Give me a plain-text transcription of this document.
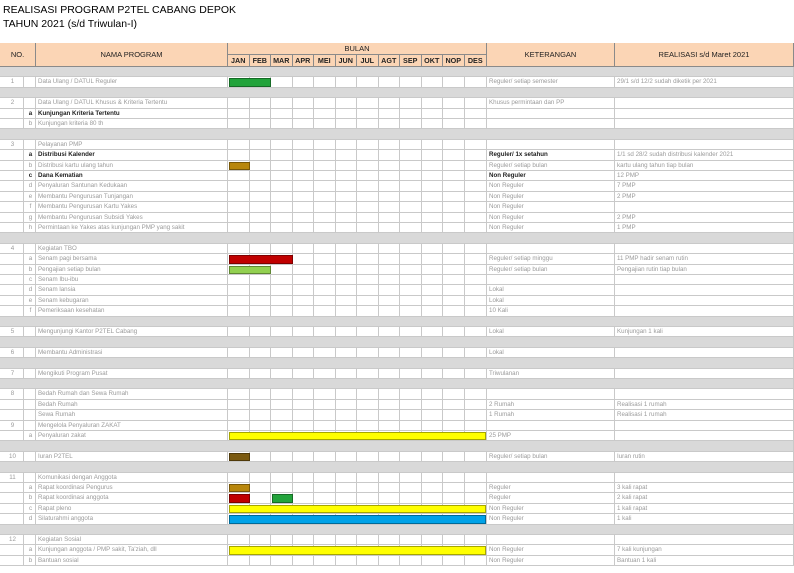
REALISASI PROGRAM P2TEL CABANG DEPOK
TAHUN 2021 (s/d Triwulan-I)
NO.	NAMA PROGRAM
BULAN
KETERANGAN	REALISASI s/d Maret 2021
JAN FEB MAR APR	MEI	JUN	JUL AGT SEP OKT NOP DES
1	Data Ulang / DATUL Reguler	Reguler/ setiap semester	29/1 s/d 12/2 sudah diketik per 2021
2	Data Ulang / DATUL Khusus & Kriteria Tertentu	Khusus permintaan dan PP
a Kunjungan Kriteria Tertentu
b Kunjungan kriteria 80 th
3	Pelayanan PMP
a Distribusi Kalender	Reguler/ 1x setahun	1/1 sd 28/2 sudah distribusi kalender 2021
b Distribusi kartu ulang tahun	Reguler/ setiap bulan	kartu ulang tahun tiap bulan
c Dana Kematian	Non Reguler	12 PMP
d Penyaluran Santunan Kedukaan	Non Reguler	7 PMP
e Membantu Pengurusan Tunjangan	Non Reguler	2 PMP
f	Membantu Pengurusan Kartu Yakes	Non Reguler
g Membantu Pengurusan Subsidi Yakes	Non Reguler	2 PMP
h Permintaan ke Yakes atas kunjungan PMP yang sakit	Non Reguler	1 PMP
4	Kegiatan TBO
a Senam pagi bersama	Reguler/ setiap minggu	11 PMP hadir senam rutin
b Pengajian setiap bulan	Reguler/ setiap bulan	Pengajian rutin tiap bulan
c Senam Ibu-ibu
d Senam lansia	Lokal
e Senam kebugaran	Lokal
f	Pemeriksaan kesehatan	10 Kali
5	Mengunjungi Kantor P2TEL Cabang	Lokal	Kunjungan 1 kali
6	Membantu Administrasi	Lokal
7	Mengikuti Program Pusat	Triwulanan
8	Bedah Rumah dan Sewa Rumah
Bedah Rumah	2 Rumah	Realisasi 1 rumah
Sewa Rumah	1 Rumah	Realisasi 1 rumah
9	Mengelola Penyaluran ZAKAT
a Penyaluran zakat	25 PMP
10	Iuran P2TEL	Reguler/ setiap bulan	Iuran rutin
11	Komunikasi dengan Anggota
a Rapat koordinasi Pengurus	Reguler	3 kali rapat
b Rapat koordinasi anggota	Reguler	2 kali rapat
c Rapat pleno	Non Reguler	1 kali rapat
d Silaturahmi anggota	Non Reguler	1 kali
12	Kegiatan Sosial
a Kunjungan anggota / PMP sakit, Ta'ziah, dll	Non Reguler	7 kali kunjungan
b Bantuan sosial	Non Reguler	Bantuan 1 kali
